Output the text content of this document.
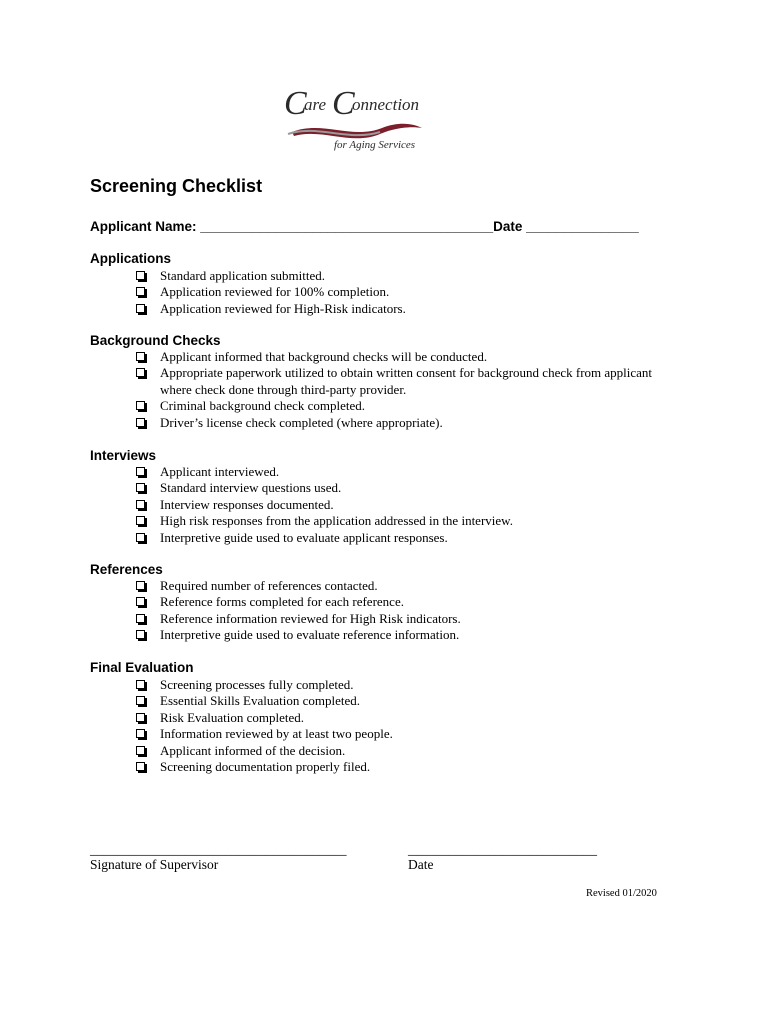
C
are C
onnection
for Aging Services
Screening Checklist
Applicant Name: _______________________________________Date _______________
Applications
Standard application submitted.
Application reviewed for 100% completion.
Application reviewed for High-Risk indicators.
Background Checks
Applicant informed that background checks will be conducted.
Appropriate paperwork utilized to obtain written consent for background check from applicant where check done through third-party provider.
Criminal background check completed.
Driver’s license check completed (where appropriate).
Interviews
Applicant interviewed.
Standard interview questions used.
Interview responses documented.
High risk responses from the application addressed in the interview.
Interpretive guide used to evaluate applicant responses.
References
Required number of references contacted.
Reference forms completed for each reference.
Reference information reviewed for High Risk indicators.
Interpretive guide used to evaluate reference information.
Final Evaluation
Screening processes fully completed.
Essential Skills Evaluation completed.
Risk Evaluation completed.
Information reviewed by at least two people.
Applicant informed of the decision.
Screening documentation properly filed.
______________________________________
Signature of Supervisor
____________________________
Date
Revised 01/2020
